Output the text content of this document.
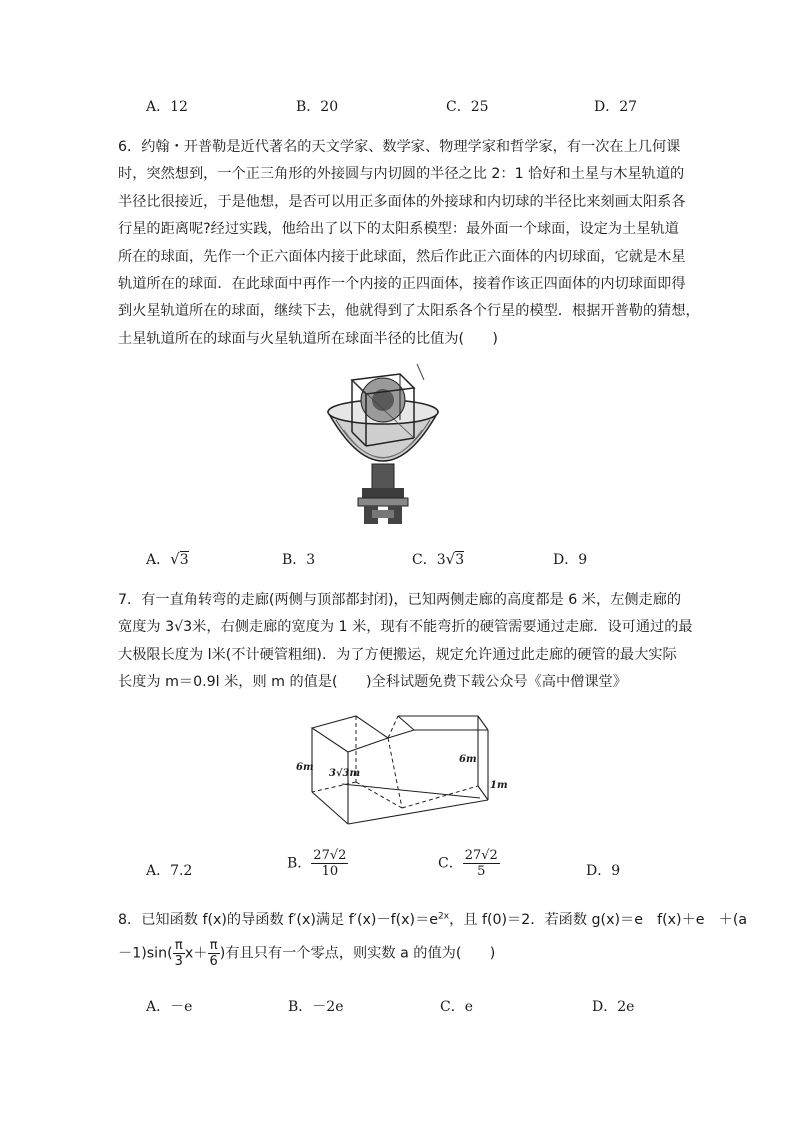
A．12	B．20	C．25	D．27
6．约翰・开普勒是近代著名的天文学家、数学家、物理学家和哲学家，有一次在上几何课
时，突然想到，一个正三角形的外接圆与内切圆的半径之比 2：1 恰好和土星与木星轨道的
半径比很接近，于是他想，是否可以用正多面体的外接球和内切球的半径比来刻画太阳系各
行星的距离呢?经过实践，他给出了以下的太阳系模型：最外面一个球面，设定为土星轨道
所在的球面，先作一个正六面体内接于此球面，然后作此正六面体的内切球面，它就是木星
轨道所在的球面．在此球面中再作一个内接的正四面体，接着作该正四面体的内切球面即得
到火星轨道所在的球面，继续下去，他就得到了太阳系各个行星的模型．根据开普勒的猜想，
土星轨道所在的球面与火星轨道所在球面半径的比值为(　　)
A．√3	B．3	C．3√3	D．9
7．有一直角转弯的走廊(两侧与顶部都封闭)，已知两侧走廊的高度都是 6 米，左侧走廊的
宽度为 3√3米，右侧走廊的宽度为 1 米，现有不能弯折的硬管需要通过走廊．设可通过的最
大极限长度为 l米(不计硬管粗细)．为了方便搬运，规定允许通过此走廊的硬管的最大实际
长度为 m＝0.9l 米，则 m 的值是(　　)全科试题免费下载公众号《高中僧课堂》
6m
6m
3√3m
1m
A．7.2	B． $\frac{27√2}{10}$	C． $\frac{27√2}{5}$	D．9
8．已知函数 f(x)的导函数 f′(x)满足 $f'(x)-f(x)=e^{2x}$，且 f(0)＝2．若函数 g(x)＝e　f(x)＋e　＋(a
$-1)\sin( \frac{\pi}{3} x+ \frac{\pi}{6}$ )有且只有一个零点，则实数 a 的值为(　　)
A．－e	B．－2e	C．e	D．2e
